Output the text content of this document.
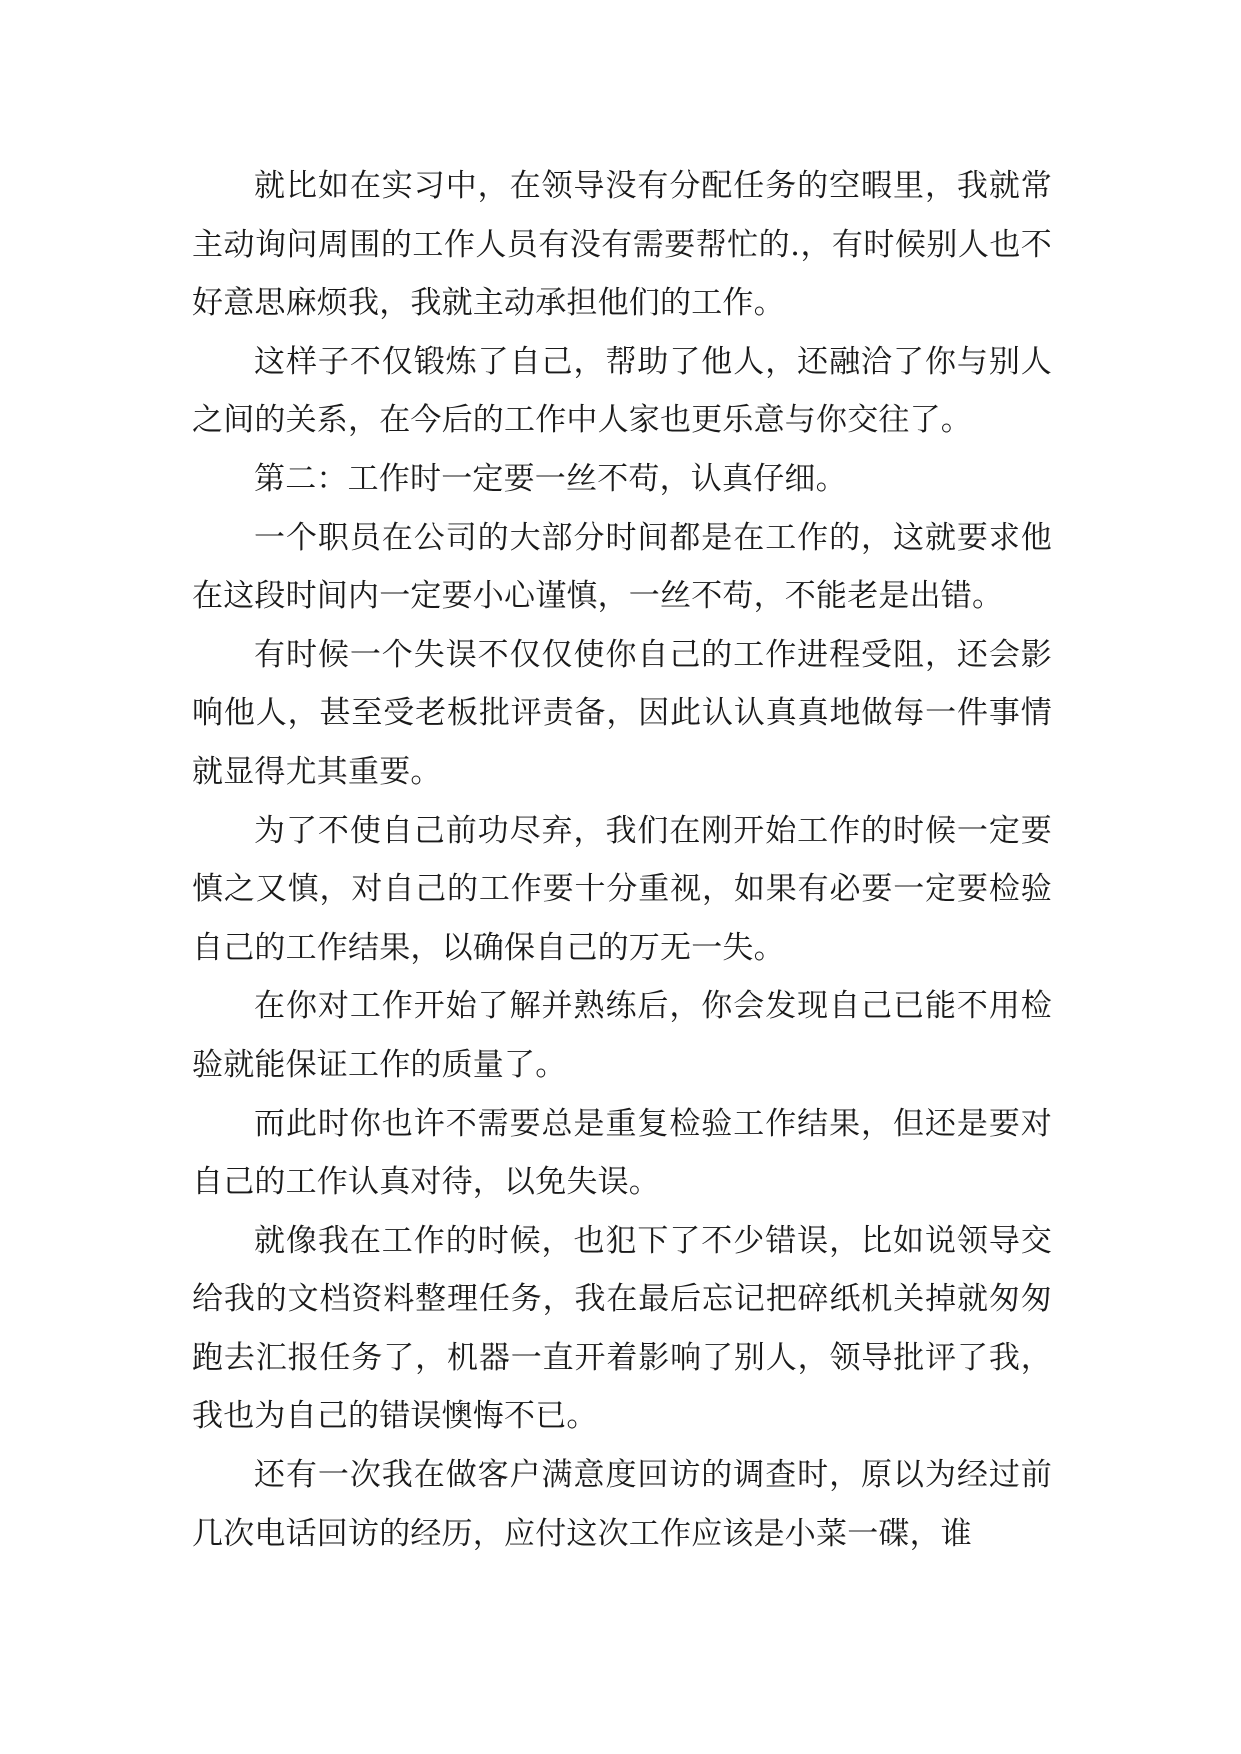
就比如在实习中，在领导没有分配任务的空暇里，我就常主动询问周围的工作人员有没有需要帮忙的.，有时候别人也不好意思麻烦我，我就主动承担他们的工作。

这样子不仅锻炼了自己，帮助了他人，还融洽了你与别人之间的关系，在今后的工作中人家也更乐意与你交往了。

第二：工作时一定要一丝不苟，认真仔细。

一个职员在公司的大部分时间都是在工作的，这就要求他在这段时间内一定要小心谨慎，一丝不苟，不能老是出错。

有时候一个失误不仅仅使你自己的工作进程受阻，还会影响他人，甚至受老板批评责备，因此认认真真地做每一件事情就显得尤其重要。

为了不使自己前功尽弃，我们在刚开始工作的时候一定要慎之又慎，对自己的工作要十分重视，如果有必要一定要检验自己的工作结果，以确保自己的万无一失。

在你对工作开始了解并熟练后，你会发现自己已能不用检验就能保证工作的质量了。

而此时你也许不需要总是重复检验工作结果，但还是要对自己的工作认真对待，以免失误。

就像我在工作的时候，也犯下了不少错误，比如说领导交给我的文档资料整理任务，我在最后忘记把碎纸机关掉就匆匆跑去汇报任务了，机器一直开着影响了别人，领导批评了我，我也为自己的错误懊悔不已。

还有一次我在做客户满意度回访的调查时，原以为经过前几次电话回访的经历，应付这次工作应该是小菜一碟，谁
